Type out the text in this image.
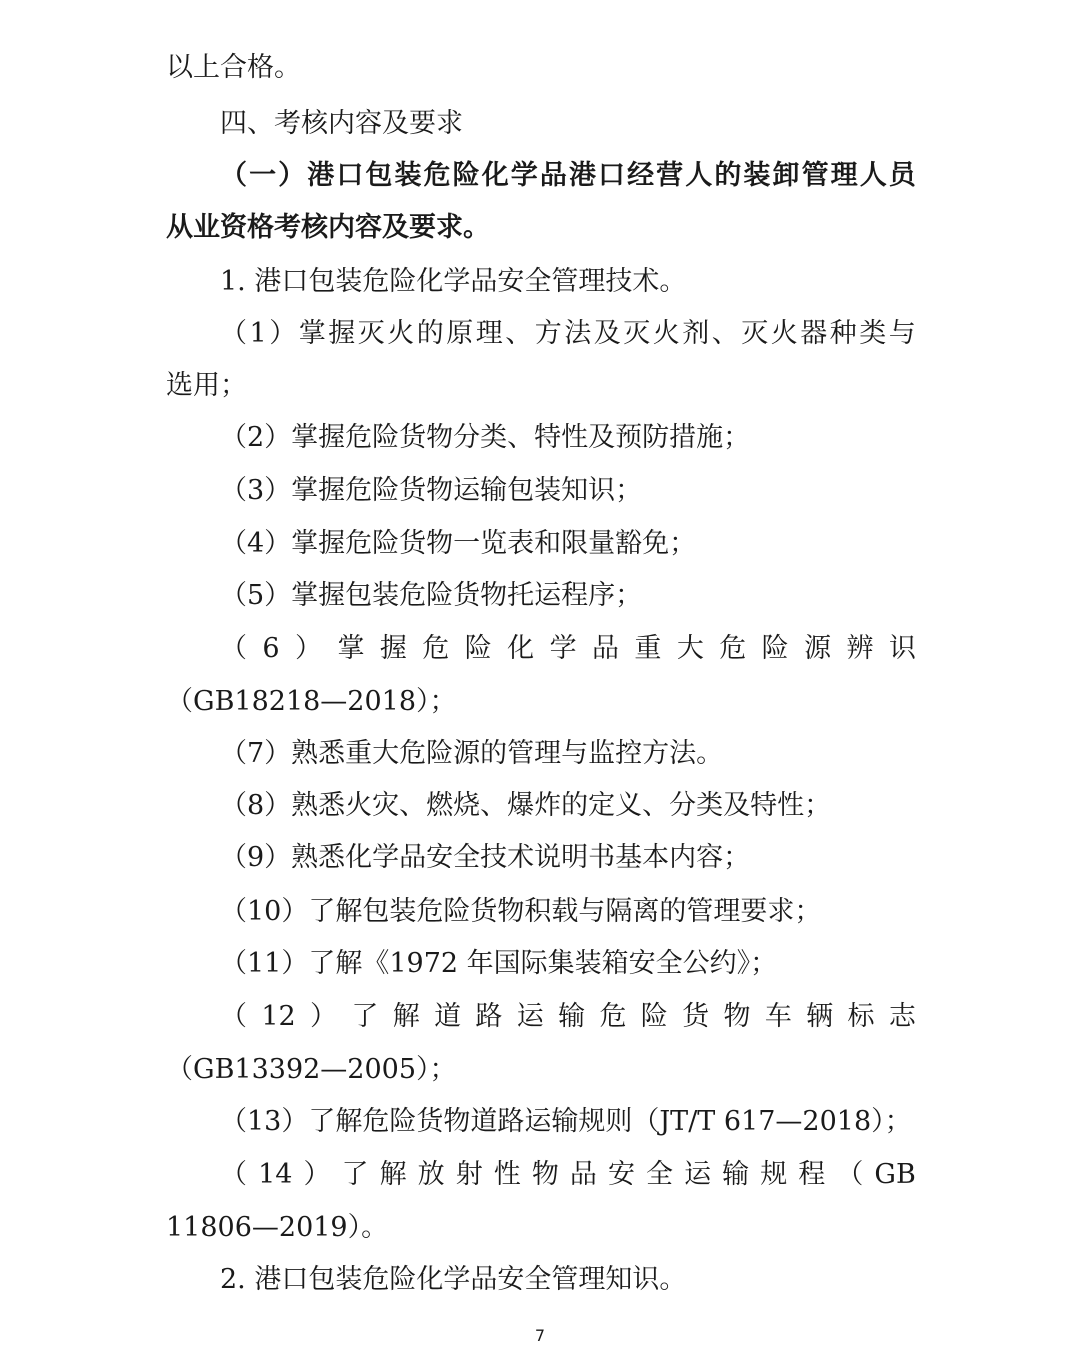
以上合格。
四、考核内容及要求
（ 一 ） 港 口 包 装 危 险 化 学 品 港 口 经 营 人 的 装 卸 管 理 人 员
从业资格考核内容及要求。
1. 港口包装危险化学品安全管理技术。
（ 1 ） 掌 握 灭 火 的 原 理 、 方 法 及 灭 火 剂 、 灭 火 器 种 类 与
选用；
（2）掌握危险货物分类、特性及预防措施；
（3）掌握危险货物运输包装知识；
（4）掌握危险货物一览表和限量豁免；
（5）掌握包装危险货物托运程序；
（ 6 ） 掌 握 危 险 化 学 品 重 大 危 险 源 辨 识
（GB18218—2018）；
（7）熟悉重大危险源的管理与监控方法。
（8）熟悉火灾、燃烧、爆炸的定义、分类及特性；
（9）熟悉化学品安全技术说明书基本内容；
（10）了解包装危险货物积载与隔离的管理要求；
（11）了解《1972 年国际集装箱安全公约》；
（ 12 ） 了 解 道 路 运 输 危 险 货 物 车 辆 标 志
（GB13392—2005）；
（13）了解危险货物道路运输规则（JT/T 617—2018）；
（ 14 ） 了 解 放 射 性 物 品 安 全 运 输 规 程 （ GB
11806—2019）。
2. 港口包装危险化学品安全管理知识。
7
